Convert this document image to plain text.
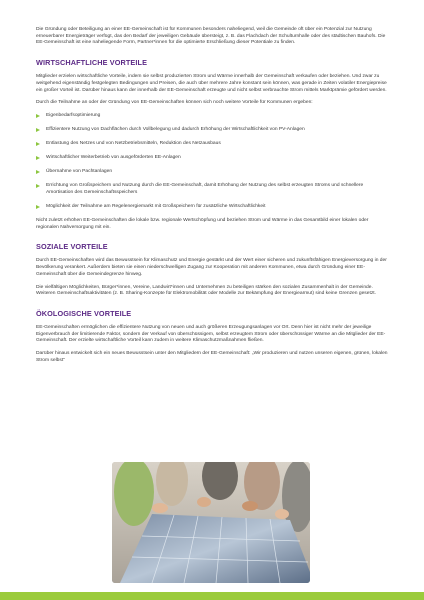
Die Gründung oder Beteiligung an einer EE-Gemeinschaft ist für Kommunen besonders naheliegend, weil die Gemeinde oft über ein Potenzial zur Nutzung erneuerbarer Energieträger verfügt, das den Bedarf der jeweiligen Gebäude übersteigt, z. B. das Flachdach der Schulturnhalle oder des städtischen Bauhofs. Die EE-Gemeinschaft ist eine naheliegende Form, Partner*innen für die optimierte Erschließung dieser Potentiale zu finden.

WIRTSCHAFTLICHE VORTEILE

Mitglieder erzielen wirtschaftliche Vorteile, indem sie selbst produzierten Strom und Wärme innerhalb der Gemeinschaft verkaufen oder beziehen. Und zwar zu weitgehend eigenständig festgelegten Bedingungen und Preisen, die auch über mehrere Jahre konstant sein können, was gerade in Zeiten volatiler Energiepreise ein großer Vorteil ist. Darüber hinaus kann der innerhalb der EE-Gemeinschaft erzeugte und nicht selbst verbrauchte Strom mittels Marktprämie gefördert werden.

Durch die Teilnahme an oder der Gründung von EE-Gemeinschaften können sich noch weitere Vorteile für Kommunen ergeben:

Eigenbedarfsoptimierung
Effizientere Nutzung von Dachflächen durch Vollbelegung und dadurch Erhöhung der Wirtschaftlichkeit von PV-Anlagen
Entlastung des Netzes und von Netzbetriebsmitteln, Reduktion des Netzausbaus
Wirtschaftlicher Weiterbetrieb von ausgeförderten EE-Anlagen
Übernahme von Pachtanlagen
Errichtung von Großspeichern und Nutzung durch die EE-Gemeinschaft, damit Erhöhung der Nutzung des selbst erzeugten Stroms und schnellere Amortisation des Gemeinschaftsspeichers
Möglichkeit der Teilnahme am Regelenergiemarkt mit Großspeichern für zusätzliche Wirtschaftlichkeit

Nicht zuletzt erhöhen EE-Gemeinschaften die lokale bzw. regionale Wertschöpfung und beziehen Strom und Wärme in das Gesamtbild einer lokalen oder regionalen Nahversorgung mit ein.

SOZIALE VORTEILE

Durch EE-Gemeinschaften wird das Bewusstsein für Klimaschutz und Energie gestärkt und der Wert einer sicheren und zukunftsfähigen Energieversorgung in der Bevölkerung verankert. Außerdem bieten sie einen niederschwelligen Zugang zur Kooperation mit anderen Kommunen, etwa durch Gründung einer EE-Gemeinschaft über die Gemeindegrenze hinweg.

Die vielfältigen Möglichkeiten, Bürger*innen, Vereine, Landwirt*innen und Unternehmen zu beteiligen stärken den sozialen Zusammenhalt in der Gemeinde. Weiteren Gemeinschaftsaktivitäten (z. B. Sharing-Konzepte für Elektromobilität oder Modelle zur Bekämpfung der Energiearmut) sind keine Grenzen gesetzt.

ÖKOLOGISCHE VORTEILE

EE-Gemeinschaften ermöglichen die effizientere Nutzung von neuen und auch größeren Erzeugungsanlagen vor Ort. Denn hier ist nicht mehr der jeweilige Eigenverbrauch der limitierende Faktor, sondern der Verkauf von überschüssigem, selbst erzeugtem Strom oder überschüssiger Wärme an die Mitglieder der EE-Gemeinschaft. Der erzielte wirtschaftliche Vorteil kann zudem in weitere Klimaschutzmaßnahmen fließen.

Darüber hinaus entwickelt sich ein neues Bewusstsein unter den Mitgliedern der EE-Gemeinschaft: „Wir produzieren und nutzen unseren eigenen, grünen, lokalen Strom selbst“
